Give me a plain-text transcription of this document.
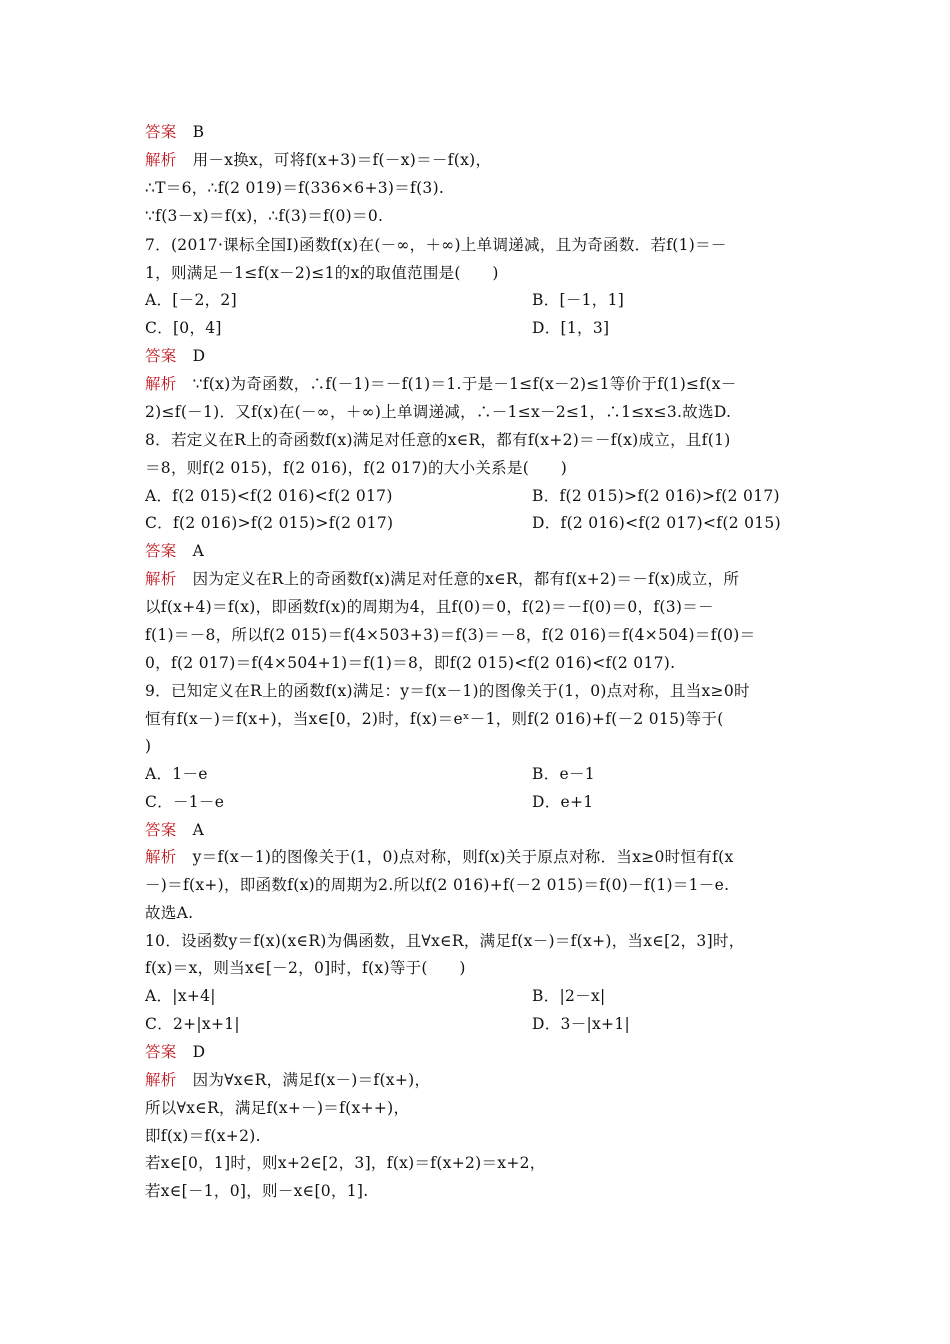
答案 B
解析 用－x换x，可将f(x+3)＝f(－x)＝－f(x)，
∴T＝6，∴f(2 019)＝f(336×6+3)＝f(3).
∵f(3－x)＝f(x)，∴f(3)＝f(0)＝0.
7．(2017·课标全国Ⅰ)函数f(x)在(－∞，＋∞)上单调递减，且为奇函数．若f(1)＝－
1，则满足－1≤f(x－2)≤1的x的取值范围是(　　)
A．[－2，2]	B．[－1，1]
C．[0，4]	D．[1，3]
答案 D
解析 ∵f(x)为奇函数，∴f(－1)＝－f(1)＝1.于是－1≤f(x－2)≤1等价于f(1)≤f(x－
2)≤f(－1)．又f(x)在(－∞，＋∞)上单调递减，∴－1≤x－2≤1，∴1≤x≤3.故选D.
8．若定义在R上的奇函数f(x)满足对任意的x∈R，都有f(x+2)＝－f(x)成立，且f(1)
＝8，则f(2 015)，f(2 016)，f(2 017)的大小关系是(　　)
A．f(2 015)<f(2 016)<f(2 017)	B．f(2 015)>f(2 016)>f(2 017)
C．f(2 016)>f(2 015)>f(2 017)	D．f(2 016)<f(2 017)<f(2 015)
答案 A
解析 因为定义在R上的奇函数f(x)满足对任意的x∈R，都有f(x+2)＝－f(x)成立，所
以f(x+4)＝f(x)，即函数f(x)的周期为4，且f(0)＝0，f(2)＝－f(0)＝0，f(3)＝－
f(1)＝－8，所以f(2 015)＝f(4×503+3)＝f(3)＝－8，f(2 016)＝f(4×504)＝f(0)＝
0，f(2 017)＝f(4×504+1)＝f(1)＝8，即f(2 015)<f(2 016)<f(2 017).
9．已知定义在R上的函数f(x)满足：y＝f(x－1)的图像关于(1，0)点对称，且当x≥0时
恒有f(x－)＝f(x+)，当x∈[0，2)时，f(x)＝eˣ－1，则f(2 016)+f(－2 015)等于(
)
A．1－e	B．e－1
C．－1－e	D．e+1
答案 A
解析 y＝f(x－1)的图像关于(1，0)点对称，则f(x)关于原点对称．当x≥0时恒有f(x
－)＝f(x+)，即函数f(x)的周期为2.所以f(2 016)+f(－2 015)＝f(0)－f(1)＝1－e.
故选A.
10．设函数y＝f(x)(x∈R)为偶函数，且∀x∈R，满足f(x－)＝f(x+)，当x∈[2，3]时，
f(x)＝x，则当x∈[－2，0]时，f(x)等于(　　)
A．|x+4|	B．|2－x|
C．2+|x+1|	D．3－|x+1|
答案 D
解析 因为∀x∈R，满足f(x－)＝f(x+)，
所以∀x∈R，满足f(x+－)＝f(x++)，
即f(x)＝f(x+2).
若x∈[0，1]时，则x+2∈[2，3]，f(x)＝f(x+2)＝x+2，
若x∈[－1，0]，则－x∈[0，1].
